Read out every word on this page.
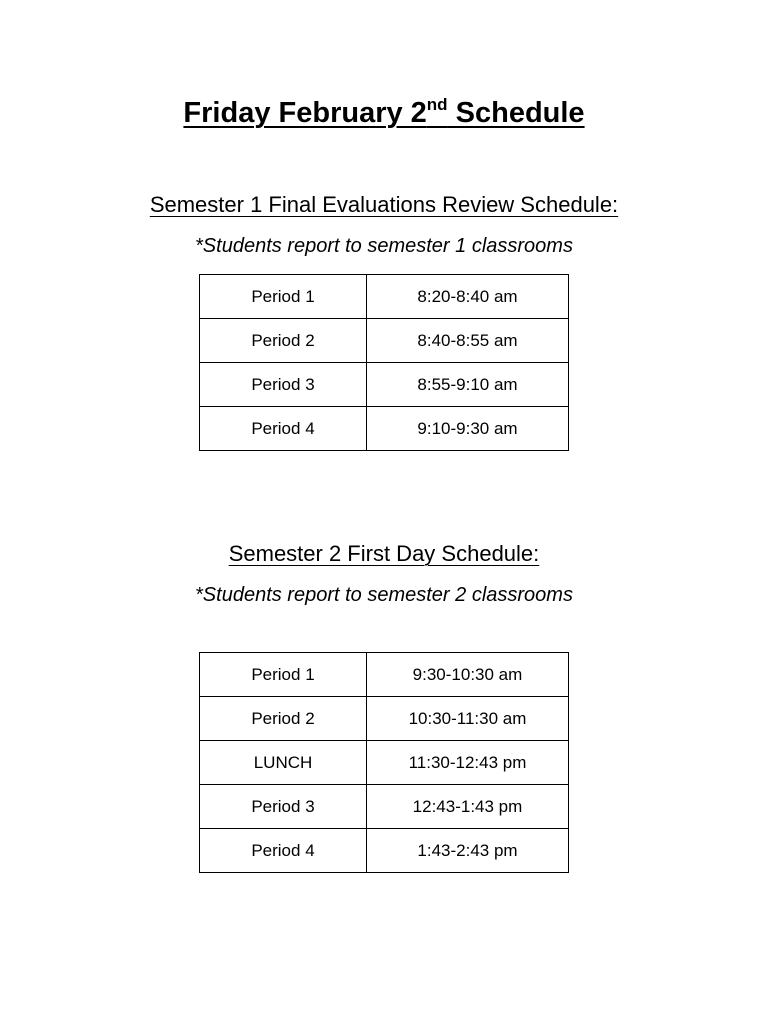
Friday February 2nd Schedule
Semester 1 Final Evaluations Review Schedule:
*Students report to semester 1 classrooms
Period 1	8:20-8:40 am
Period 2	8:40-8:55 am
Period 3	8:55-9:10 am
Period 4	9:10-9:30 am
Semester 2 First Day Schedule:
*Students report to semester 2 classrooms
Period 1	9:30-10:30 am
Period 2	10:30-11:30 am
LUNCH	11:30-12:43 pm
Period 3	12:43-1:43 pm
Period 4	1:43-2:43 pm
